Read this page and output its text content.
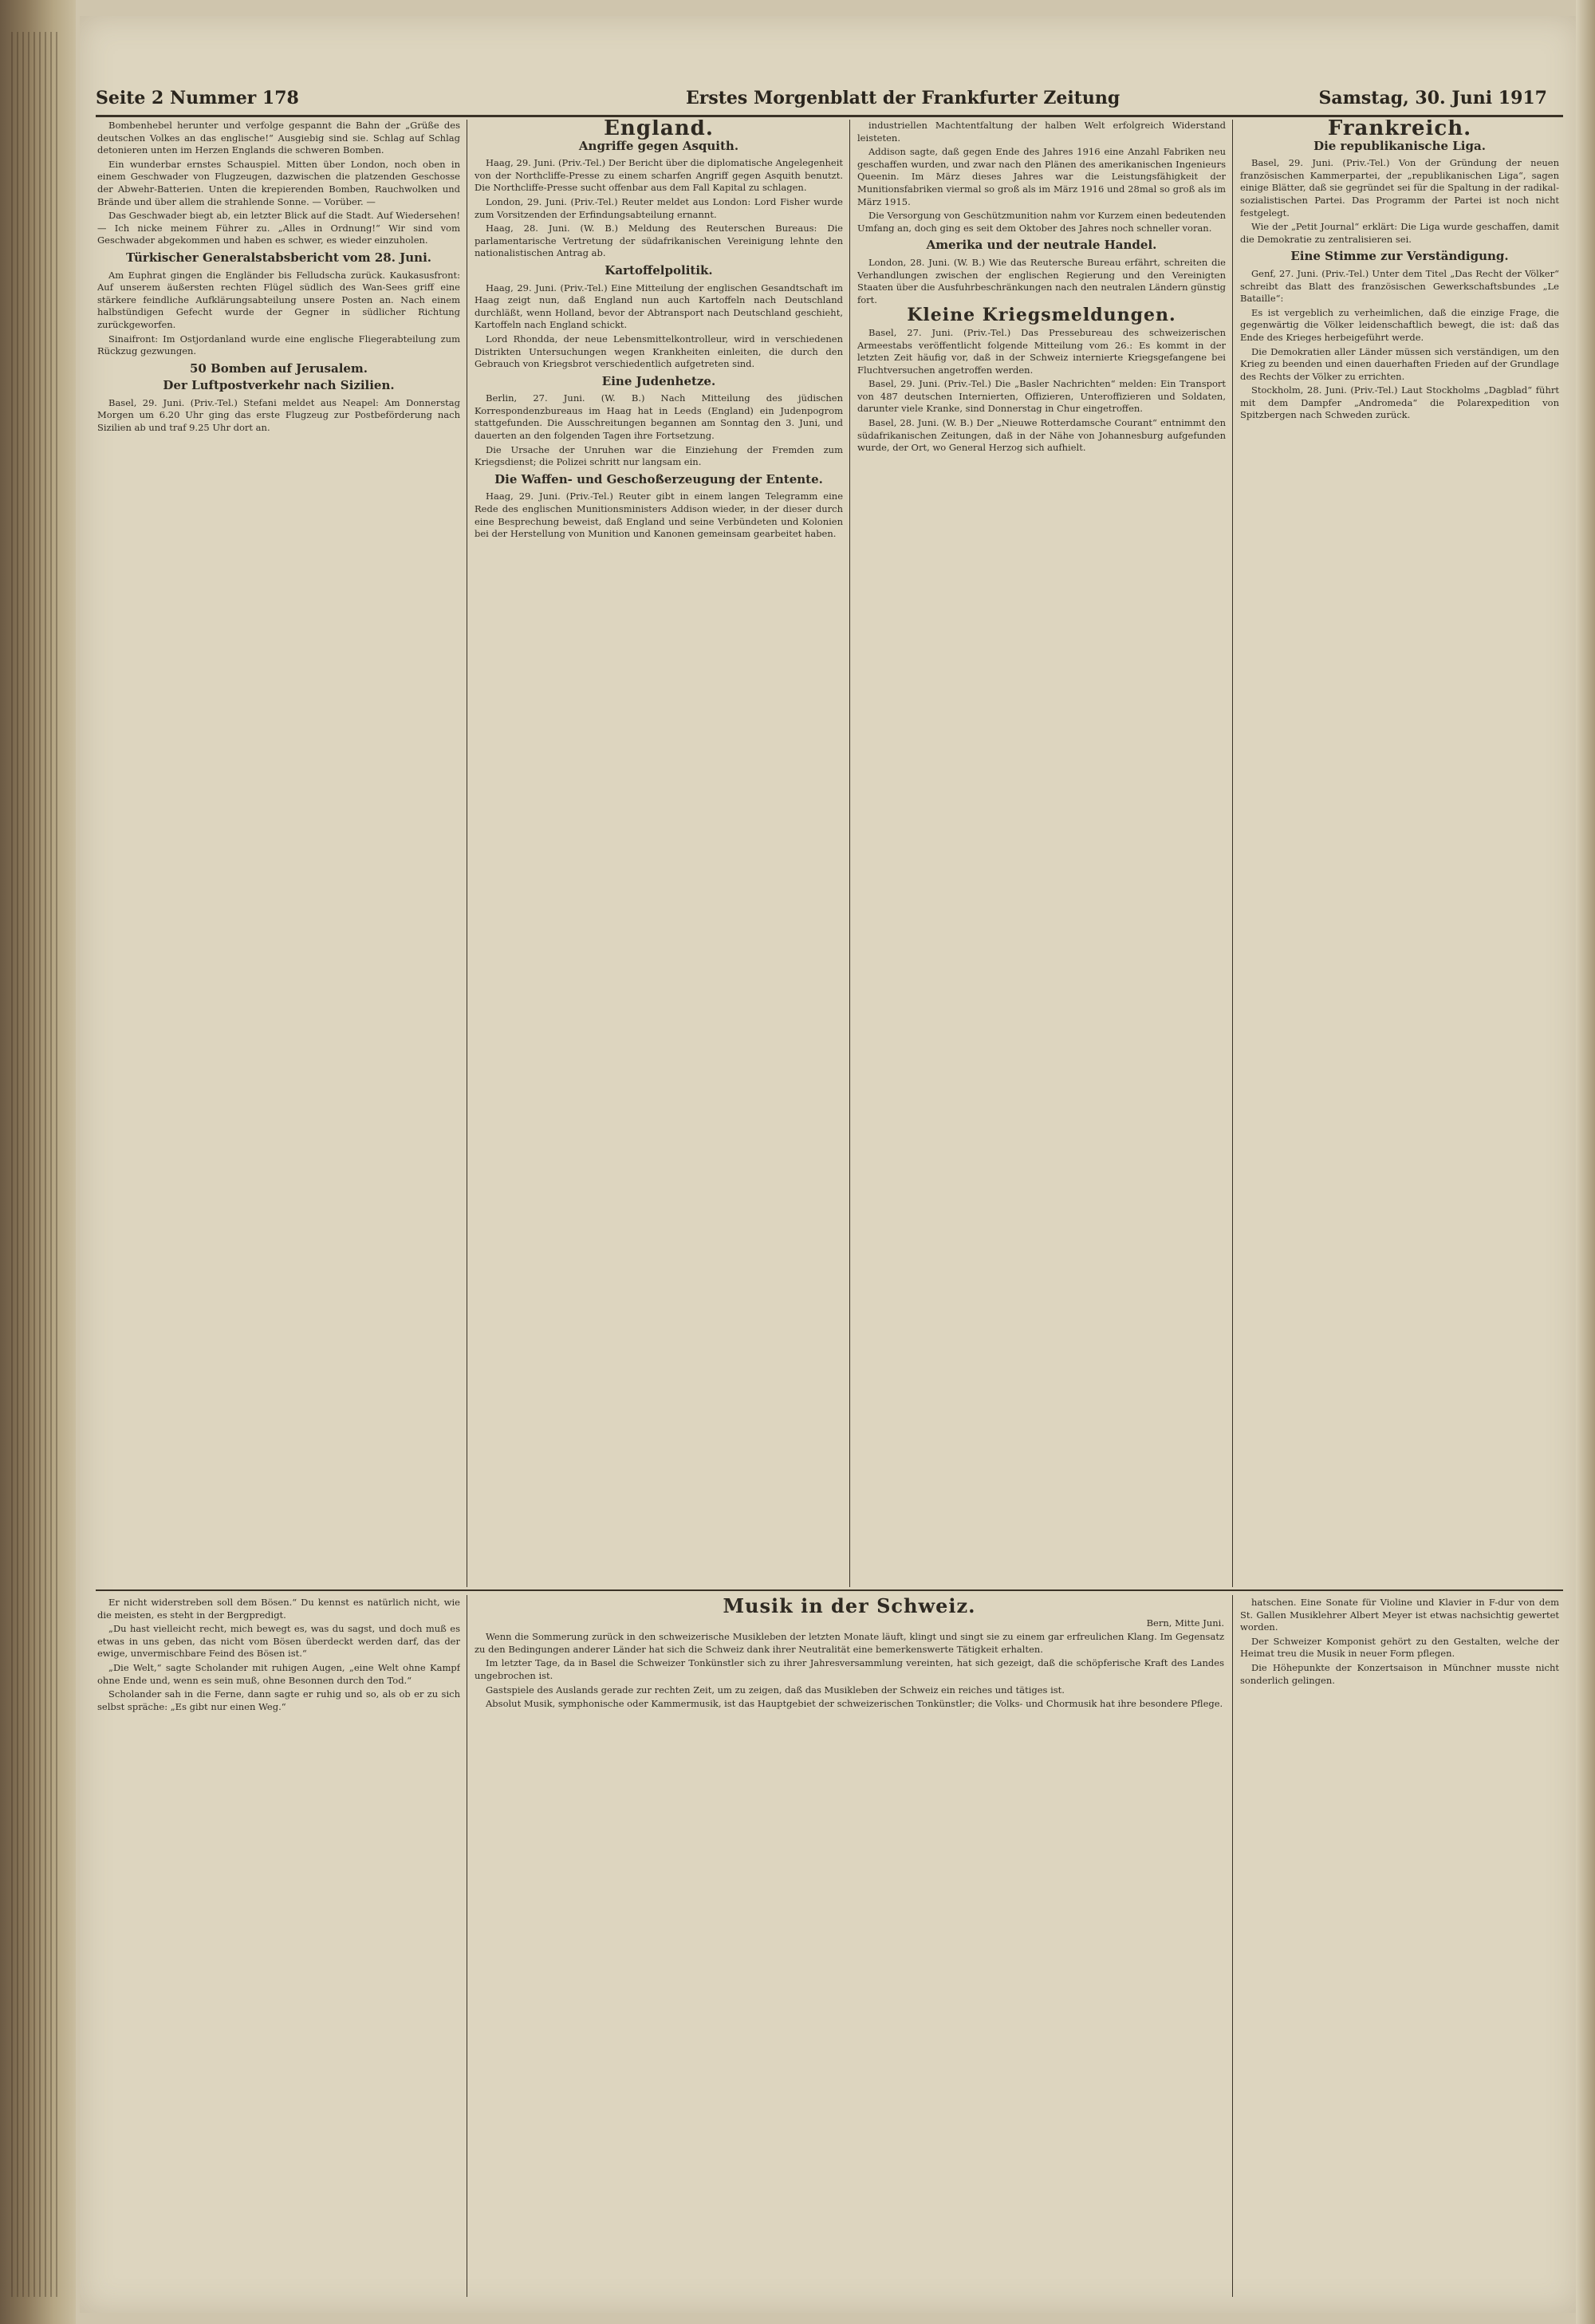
Seite 2 Nummer 178	Erstes Morgenblatt der Frankfurter Zeitung	Samstag, 30. Juni 1917

Bombenhebel herunter und verfolge gespannt die Bahn der „Grüße des deutschen Volkes an das englische!“ Ausgiebig sind sie. Schlag auf Schlag detonieren unten im Herzen Englands die schweren Bomben.

Ein wunderbar ernstes Schauspiel. Mitten über London, noch oben in einem Geschwader von Flugzeugen, dazwischen die platzenden Geschosse der Abwehr-Batterien. Unten die krepierenden Bomben, Rauchwolken und Brände und über allem die strahlende Sonne. — Vorüber. —

Das Geschwader biegt ab, ein letzter Blick auf die Stadt. Auf Wiedersehen! — Ich nicke meinem Führer zu. „Alles in Ordnung!“ Wir sind vom Geschwader abgekommen und haben es schwer, es wieder einzuholen.

Türkischer Generalstabsbericht vom 28. Juni.

Am Euphrat gingen die Engländer bis Felludscha zurück. Kaukasusfront: Auf unserem äußersten rechten Flügel südlich des Wan-Sees griff eine stärkere feindliche Aufklärungsabteilung unsere Posten an. Nach einem halbstündigen Gefecht wurde der Gegner in südlicher Richtung zurückgeworfen.

Sinaifront: Im Ostjordanland wurde eine englische Fliegerabteilung zum Rückzug gezwungen.

50 Bomben auf Jerusalem.
Der Luftpostverkehr nach Sizilien.

Basel, 29. Juni. (Priv.-Tel.) Stefani meldet aus Neapel: Am Donnerstag Morgen um 6.20 Uhr ging das erste Flugzeug zur Postbeförderung nach Sizilien ab und traf 9.25 Uhr dort an.

England.
Angriffe gegen Asquith.

Haag, 29. Juni. (Priv.-Tel.) Der Bericht über die diplomatische Angelegenheit von der Northcliffe-Presse zu einem scharfen Angriff gegen Asquith benutzt. Die Northcliffe-Presse sucht offenbar aus dem Fall Kapital zu schlagen.

London, 29. Juni. (Priv.-Tel.) Reuter meldet aus London: Lord Fisher wurde zum Vorsitzenden der Erfindungsabteilung ernannt.

Haag, 28. Juni. (W. B.) Meldung des Reuterschen Bureaus: Die parlamentarische Vertretung der südafrikanischen Vereinigung lehnte den nationalistischen Antrag ab.

Kartoffelpolitik.

Haag, 29. Juni. (Priv.-Tel.) Eine Mitteilung der englischen Gesandtschaft im Haag zeigt nun, daß England nun auch Kartoffeln nach Deutschland durchläßt, wenn Holland, bevor der Abtransport nach Deutschland geschieht, Kartoffeln nach England schickt.

Lord Rhondda, der neue Lebensmittelkontrolleur, wird in verschiedenen Distrikten Untersuchungen wegen Krankheiten einleiten, die durch den Gebrauch von Kriegsbrot verschiedentlich aufgetreten sind.

Eine Judenhetze.

Berlin, 27. Juni. (W. B.) Nach Mitteilung des jüdischen Korrespondenzbureaus im Haag hat in Leeds (England) ein Judenpogrom stattgefunden. Die Ausschreitungen begannen am Sonntag den 3. Juni, und dauerten an den folgenden Tagen ihre Fortsetzung.

Die Ursache der Unruhen war die Einziehung der Fremden zum Kriegsdienst; die Polizei schritt nur langsam ein.

Die Waffen- und Geschoßerzeugung der Entente.

Haag, 29. Juni. (Priv.-Tel.) Reuter gibt in einem langen Telegramm eine Rede des englischen Munitionsministers Addison wieder, in der dieser durch eine Besprechung beweist, daß England und seine Verbündeten und Kolonien bei der Herstellung von Munition und Kanonen gemeinsam gearbeitet haben.

industriellen Machtentfaltung der halben Welt erfolgreich Widerstand leisteten.

Addison sagte, daß gegen Ende des Jahres 1916 eine Anzahl Fabriken neu geschaffen wurden, und zwar nach den Plänen des amerikanischen Ingenieurs Queenin. Im März dieses Jahres war die Leistungsfähigkeit der Munitionsfabriken viermal so groß als im März 1916 und 28mal so groß als im März 1915.

Die Versorgung von Geschützmunition nahm vor Kurzem einen bedeutenden Umfang an, doch ging es seit dem Oktober des Jahres noch schneller voran.

Amerika und der neutrale Handel.

London, 28. Juni. (W. B.) Wie das Reutersche Bureau erfährt, schreiten die Verhandlungen zwischen der englischen Regierung und den Vereinigten Staaten über die Ausfuhrbeschränkungen nach den neutralen Ländern günstig fort.

Kleine Kriegsmeldungen.

Basel, 27. Juni. (Priv.-Tel.) Das Pressebureau des schweizerischen Armeestabs veröffentlicht folgende Mitteilung vom 26.: Es kommt in der letzten Zeit häufig vor, daß in der Schweiz internierte Kriegsgefangene bei Fluchtversuchen angetroffen werden.

Basel, 29. Juni. (Priv.-Tel.) Die „Basler Nachrichten“ melden: Ein Transport von 487 deutschen Internierten, Offizieren, Unteroffizieren und Soldaten, darunter viele Kranke, sind Donnerstag in Chur eingetroffen.

Basel, 28. Juni. (W. B.) Der „Nieuwe Rotterdamsche Courant“ entnimmt den südafrikanischen Zeitungen, daß in der Nähe von Johannesburg aufgefunden wurde, der Ort, wo General Herzog sich aufhielt.

Frankreich.
Die republikanische Liga.

Basel, 29. Juni. (Priv.-Tel.) Von der Gründung der neuen französischen Kammerpartei, der „republikanischen Liga“, sagen einige Blätter, daß sie gegründet sei für die Spaltung in der radikal-sozialistischen Partei. Das Programm der Partei ist noch nicht festgelegt.

Wie der „Petit Journal“ erklärt: Die Liga wurde geschaffen, damit die Demokratie zu zentralisieren sei.

Eine Stimme zur Verständigung.

Genf, 27. Juni. (Priv.-Tel.) Unter dem Titel „Das Recht der Völker“ schreibt das Blatt des französischen Gewerkschaftsbundes „Le Bataille“:

Es ist vergeblich zu verheimlichen, daß die einzige Frage, die gegenwärtig die Völker leidenschaftlich bewegt, die ist: daß das Ende des Krieges herbeigeführt werde.

Die Demokratien aller Länder müssen sich verständigen, um den Krieg zu beenden und einen dauerhaften Frieden auf der Grundlage des Rechts der Völker zu errichten.

Stockholm, 28. Juni. (Priv.-Tel.) Laut Stockholms „Dagblad“ führt mit dem Dampfer „Andromeda“ die Polarexpedition von Spitzbergen nach Schweden zurück.

Er nicht widerstreben soll dem Bösen.“ Du kennst es natürlich nicht, wie die meisten, es steht in der Bergpredigt.

„Du hast vielleicht recht, mich bewegt es, was du sagst, und doch muß es etwas in uns geben, das nicht vom Bösen überdeckt werden darf, das der ewige, unvermischbare Feind des Bösen ist.“

„Die Welt,“ sagte Scholander mit ruhigen Augen, „eine Welt ohne Kampf ohne Ende und, wenn es sein muß, ohne Besonnen durch den Tod.“

Scholander sah in die Ferne, dann sagte er ruhig und so, als ob er zu sich selbst spräche: „Es gibt nur einen Weg.“

Musik in der Schweiz.

Bern, Mitte Juni.

Wenn die Sommerung zurück in den schweizerische Musikleben der letzten Monate läuft, klingt und singt sie zu einem gar erfreulichen Klang. Im Gegensatz zu den Bedingungen anderer Länder hat sich die Schweiz dank ihrer Neutralität eine bemerkenswerte Tätigkeit erhalten.

Im letzter Tage, da in Basel die Schweizer Tonkünstler sich zu ihrer Jahresversammlung vereinten, hat sich gezeigt, daß die schöpferische Kraft des Landes ungebrochen ist.

Gastspiele des Auslands gerade zur rechten Zeit, um zu zeigen, daß das Musikleben der Schweiz ein reiches und tätiges ist.

Absolut Musik, symphonische oder Kammermusik, ist das Hauptgebiet der schweizerischen Tonkünstler; die Volks- und Chormusik hat ihre besondere Pflege.

hatschen. Eine Sonate für Violine und Klavier in F-dur von dem St. Gallen Musiklehrer Albert Meyer ist etwas nachsichtig gewertet worden.

Der Schweizer Komponist gehört zu den Gestalten, welche der Heimat treu die Musik in neuer Form pflegen.

Die Höhepunkte der Konzertsaison in Münchner musste nicht sonderlich gelingen.
